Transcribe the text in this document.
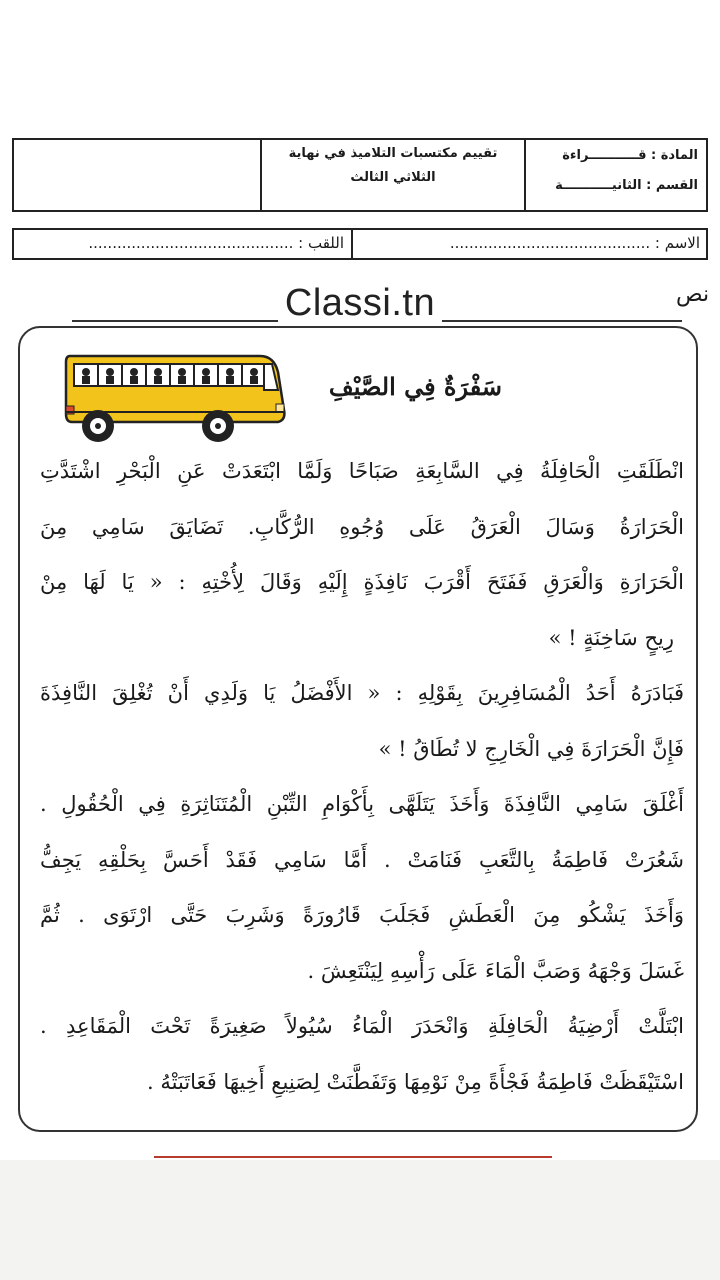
تقييم مكتسبات التلاميذ في نهاية
الثلاثي الثالث
المادة : قـــــــــــراءة
القسم : الثانيـــــــــــة
الاسم : ..........................................
اللقب : ...........................................
نص
Classi.tn
سَفْرَةٌ فِي الصَّيْفِ
انْطَلَقَتِ الْحَافِلَةُ فِي السَّابِعَةِ صَبَاحًا وَلَمَّا ابْتَعَدَتْ عَنِ الْبَحْرِ اشْتَدَّتِ
الْحَرَارَةُ وَسَالَ الْعَرَقُ عَلَى وُجُوهِ الرُّكَّابِ. تَضَايَقَ سَامِي مِنَ
الْحَرَارَةِ وَالْعَرَقِ فَفَتَحَ أَقْرَبَ نَافِذَةٍ إِلَيْهِ وَقَالَ لِأُخْتِهِ : « يَا لَهَا مِنْ
رِيحٍ سَاخِنَةٍ ! »
فَبَادَرَهُ أَحَدُ الْمُسَافِرِينَ بِقَوْلِهِ : « الأَفْضَلُ يَا وَلَدِي أَنْ تُغْلِقَ النَّافِذَةَ
فَإِنَّ الْحَرَارَةَ فِي الْخَارِجِ لا تُطَاقُ ! »
أَغْلَقَ سَامِي النَّافِذَةَ وَأَخَذَ يَتَلَهَّى بِأَكْوَامِ التِّبْنِ الْمُتَنَاثِرَةِ فِي الْحُقُولِ .
شَعُرَتْ فَاطِمَةُ بِالتَّعَبِ فَنَامَتْ . أَمَّا سَامِي فَقَدْ أَحَسَّ بِحَلْقِهِ يَجِفُّ
وَأَخَذَ يَشْكُو مِنَ الْعَطَشِ فَجَلَبَ قَارُورَةً وَشَرِبَ حَتَّى ارْتَوَى . ثُمَّ
غَسَلَ وَجْهَهُ وَصَبَّ الْمَاءَ عَلَى رَأْسِهِ لِيَنْتَعِشَ .
ابْتَلَّتْ أَرْضِيَةُ الْحَافِلَةِ وَانْحَدَرَ الْمَاءُ سُيُولاً صَغِيرَةً تَحْتَ الْمَقَاعِدِ .
اسْتَيْقَظَتْ فَاطِمَةُ فَجْأَةً مِنْ نَوْمِهَا وَتَفَطَّنَتْ لِصَنِيعِ أَخِيهَا فَعَاتَبَتْهُ .
